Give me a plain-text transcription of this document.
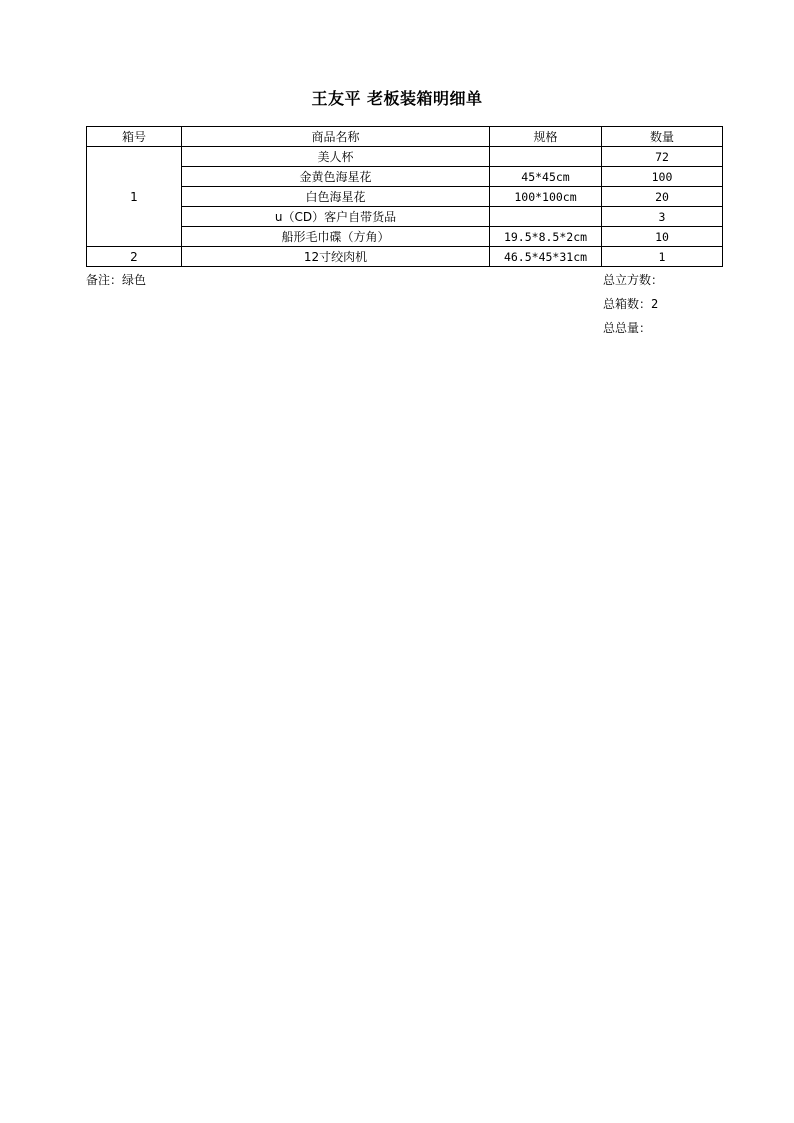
王友平 老板装箱明细单
箱号	商品名称	规格	数量
1	美人杯		72
	金黄色海星花	45*45cm	100
	白色海星花	100*100cm	20
	u（CD）客户自带货品		3
	船形毛巾碟（方角）	19.5*8.5*2cm	10
2	12寸绞肉机	46.5*45*31cm	1
备注：绿色	总立方数：
总箱数：2
总总量：
